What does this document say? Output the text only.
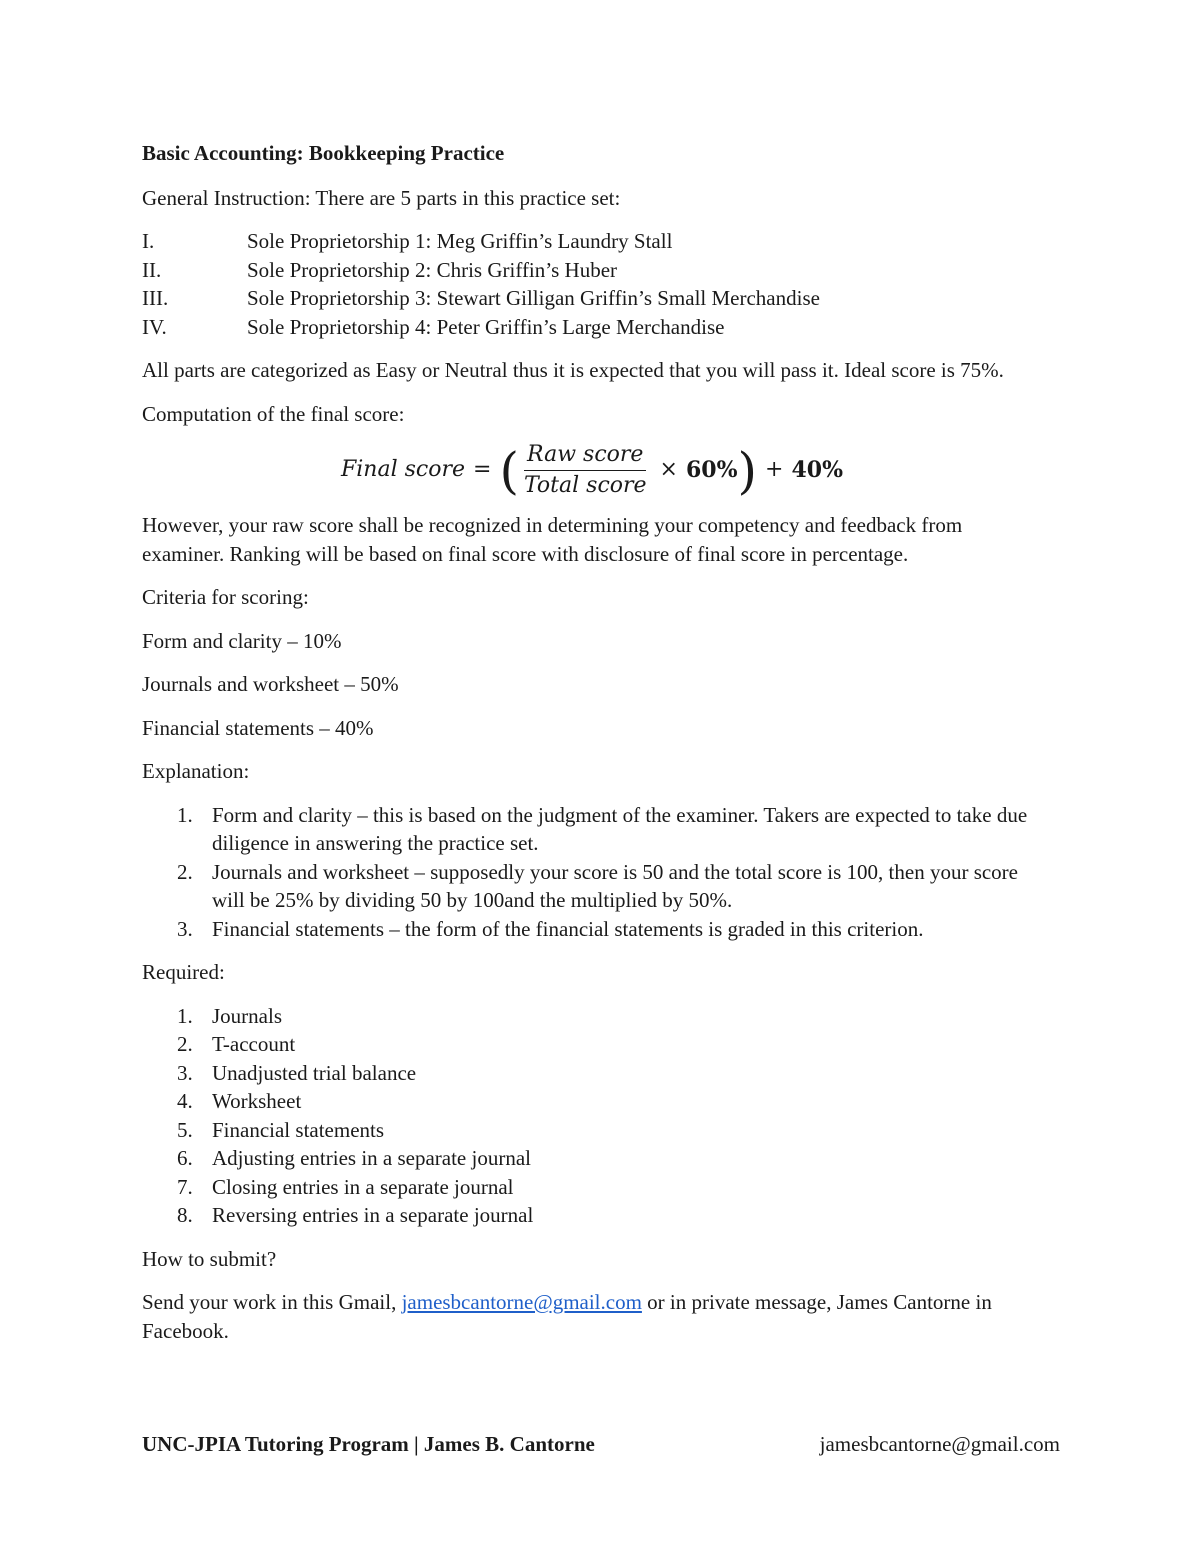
Basic Accounting: Bookkeeping Practice

General Instruction: There are 5 parts in this practice set:

I.	Sole Proprietorship 1: Meg Griffin’s Laundry Stall
II.	Sole Proprietorship 2: Chris Griffin’s Huber
III.	Sole Proprietorship 3: Stewart Gilligan Griffin’s Small Merchandise
IV.	Sole Proprietorship 4: Peter Griffin’s Large Merchandise

All parts are categorized as Easy or Neutral thus it is expected that you will pass it. Ideal score is 75%.

Computation of the final score:

Final score = ( $\frac{\text{Raw score}}{\text{Total score}} \times 60\%$ ) + 40%

However, your raw score shall be recognized in determining your competency and feedback from examiner. Ranking will be based on final score with disclosure of final score in percentage.

Criteria for scoring:

Form and clarity – 10%

Journals and worksheet – 50%

Financial statements – 40%

Explanation:

1. Form and clarity – this is based on the judgment of the examiner. Takers are expected to take due diligence in answering the practice set.
2. Journals and worksheet – supposedly your score is 50 and the total score is 100, then your score will be 25% by dividing 50 by 100and the multiplied by 50%.
3. Financial statements – the form of the financial statements is graded in this criterion.

Required:

1. Journals
2. T-account
3. Unadjusted trial balance
4. Worksheet
5. Financial statements
6. Adjusting entries in a separate journal
7. Closing entries in a separate journal
8. Reversing entries in a separate journal

How to submit?

Send your work in this Gmail, jamesbcantorne@gmail.com or in private message, James Cantorne in Facebook.

UNC-JPIA Tutoring Program | James B. Cantorne	jamesbcantorne@gmail.com
